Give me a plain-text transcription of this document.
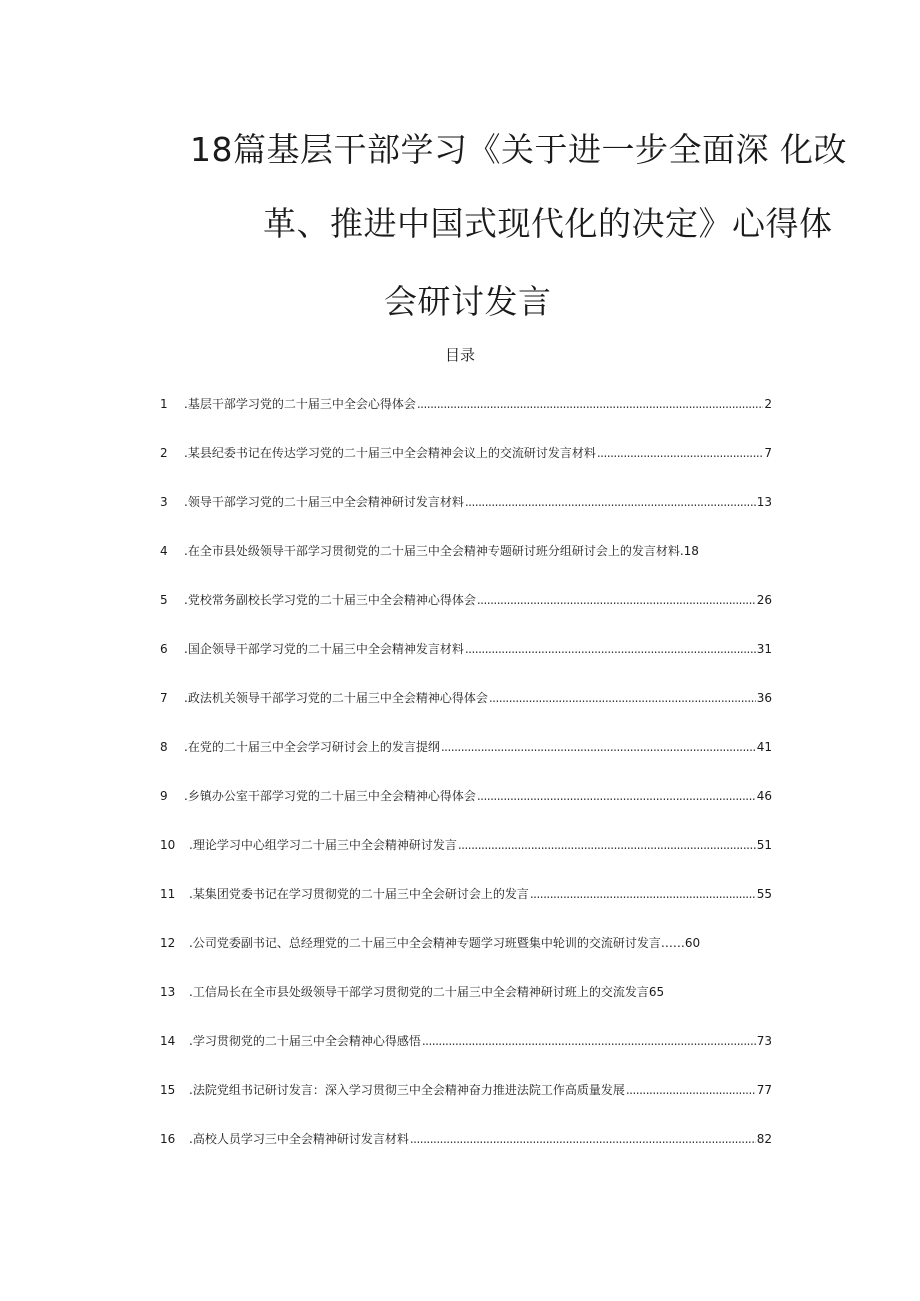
18篇基层干部学习《关于进一步全面深 化改
革、推进中国式现代化的决定》心得体
会研讨发言
目录
1	.基层干部学习党的二十届三中全会心得体会 .....	2
2	.某县纪委书记在传达学习党的二十届三中全会精神会议上的交流研讨发言材料 .....	7
3	.领导干部学习党的二十届三中全会精神研讨发言材料 .....	13
4	.在全市县处级领导干部学习贯彻党的二十届三中全会精神专题研讨班分组研讨会上的发言材料. 18
5	.党校常务副校长学习党的二十届三中全会精神心得体会 .....	26
6	.国企领导干部学习党的二十届三中全会精神发言材料 .....	31
7	.政法机关领导干部学习党的二十届三中全会精神心得体会 .....	36
8	.在党的二十届三中全会学习研讨会上的发言提纲 .....	41
9	.乡镇办公室干部学习党的二十届三中全会精神心得体会 .....	46
10	.理论学习中心组学习二十届三中全会精神研讨发言 .....	51
11	.某集团党委书记在学习贯彻党的二十届三中全会研讨会上的发言 .....	55
12	.公司党委副书记、总经理党的二十届三中全会精神专题学习班暨集中轮训的交流研讨发言…… 60
13	.工信局长在全市县处级领导干部学习贯彻党的二十届三中全会精神研讨班上的交流发言 65
14	.学习贯彻党的二十届三中全会精神心得感悟 .....	73
15	.法院党组书记研讨发言：深入学习贯彻三中全会精神奋力推进法院工作高质量发展 .....	77
16	.高校人员学习三中全会精神研讨发言材料 .....	82
